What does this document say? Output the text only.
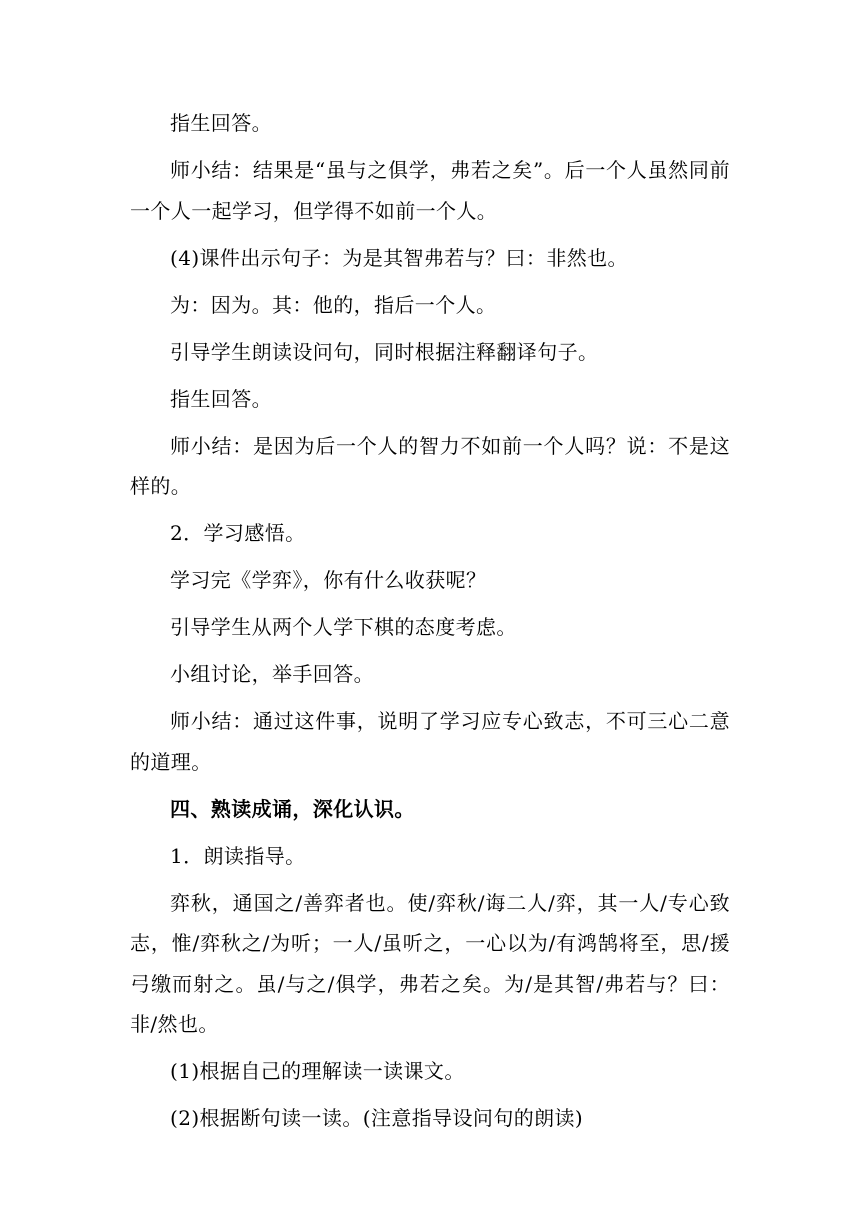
指生回答。

师小结：结果是“虽与之俱学，弗若之矣”。后一个人虽然同前一个人一起学习，但学得不如前一个人。

(4)课件出示句子：为是其智弗若与？曰：非然也。

为：因为。其：他的，指后一个人。

引导学生朗读设问句，同时根据注释翻译句子。

指生回答。

师小结：是因为后一个人的智力不如前一个人吗？说：不是这样的。

2．学习感悟。

学习完《学弈》，你有什么收获呢？

引导学生从两个人学下棋的态度考虑。

小组讨论，举手回答。

师小结：通过这件事，说明了学习应专心致志，不可三心二意的道理。

四、熟读成诵，深化认识。

1．朗读指导。

弈秋，通国之/善弈者也。使/弈秋/诲二人/弈，其一人/专心致志，惟/弈秋之/为听；一人/虽听之，一心以为/有鸿鹄将至，思/援弓缴而射之。虽/与之/俱学，弗若之矣。为/是其智/弗若与？曰：非/然也。

(1)根据自己的理解读一读课文。

(2)根据断句读一读。(注意指导设问句的朗读)
